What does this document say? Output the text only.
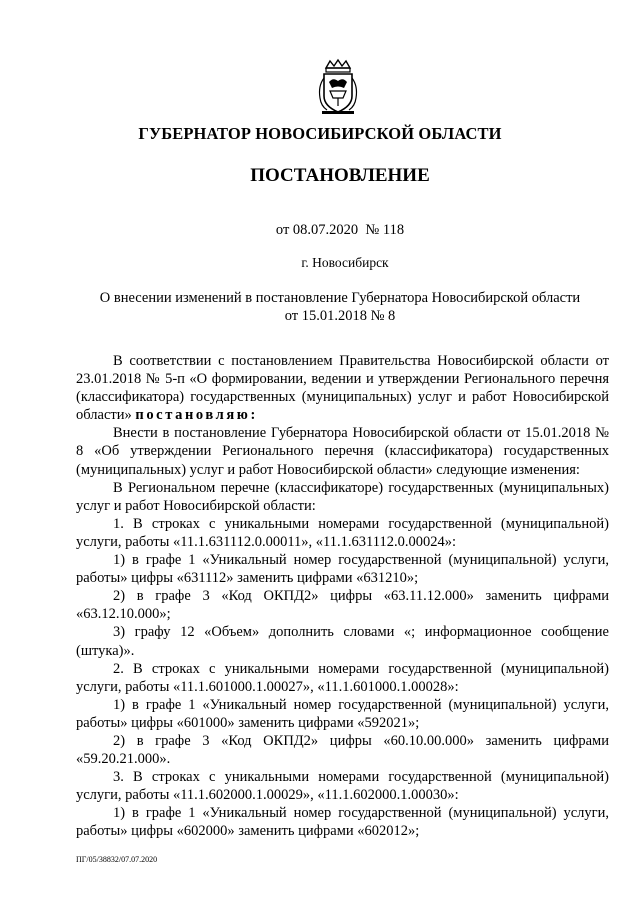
ГУБЕРНАТОР НОВОСИБИРСКОЙ ОБЛАСТИ
ПОСТАНОВЛЕНИЕ
от 08.07.2020  № 118
г. Новосибирск

О внесении изменений в постановление Губернатора Новосибирской области
от 15.01.2018 № 8

В соответствии с постановлением Правительства Новосибирской области от 23.01.2018 № 5-п «О формировании, ведении и утверждении Регионального перечня (классификатора) государственных (муниципальных) услуг и работ Новосибирской области» постановляю:

Внести в постановление Губернатора Новосибирской области от 15.01.2018 № 8 «Об утверждении Регионального перечня (классификатора) государственных (муниципальных) услуг и работ Новосибирской области» следующие изменения:

В Региональном перечне (классификаторе) государственных (муниципальных) услуг и работ Новосибирской области:

1. В строках с уникальными номерами государственной (муниципальной) услуги, работы «11.1.631112.0.00011», «11.1.631112.0.00024»:

1) в графе 1 «Уникальный номер государственной (муниципальной) услуги, работы» цифры «631112» заменить цифрами «631210»;

2) в графе 3 «Код ОКПД2» цифры «63.11.12.000» заменить цифрами «63.12.10.000»;

3) графу 12 «Объем» дополнить словами «; информационное сообщение (штука)».

2. В строках с уникальными номерами государственной (муниципальной) услуги, работы «11.1.601000.1.00027», «11.1.601000.1.00028»:

1) в графе 1 «Уникальный номер государственной (муниципальной) услуги, работы» цифры «601000» заменить цифрами «592021»;

2) в графе 3 «Код ОКПД2» цифры «60.10.00.000» заменить цифрами «59.20.21.000».

3. В строках с уникальными номерами государственной (муниципальной) услуги, работы «11.1.602000.1.00029», «11.1.602000.1.00030»:

1) в графе 1 «Уникальный номер государственной (муниципальной) услуги, работы» цифры «602000» заменить цифрами «602012»;

ПГ/05/38832/07.07.2020
